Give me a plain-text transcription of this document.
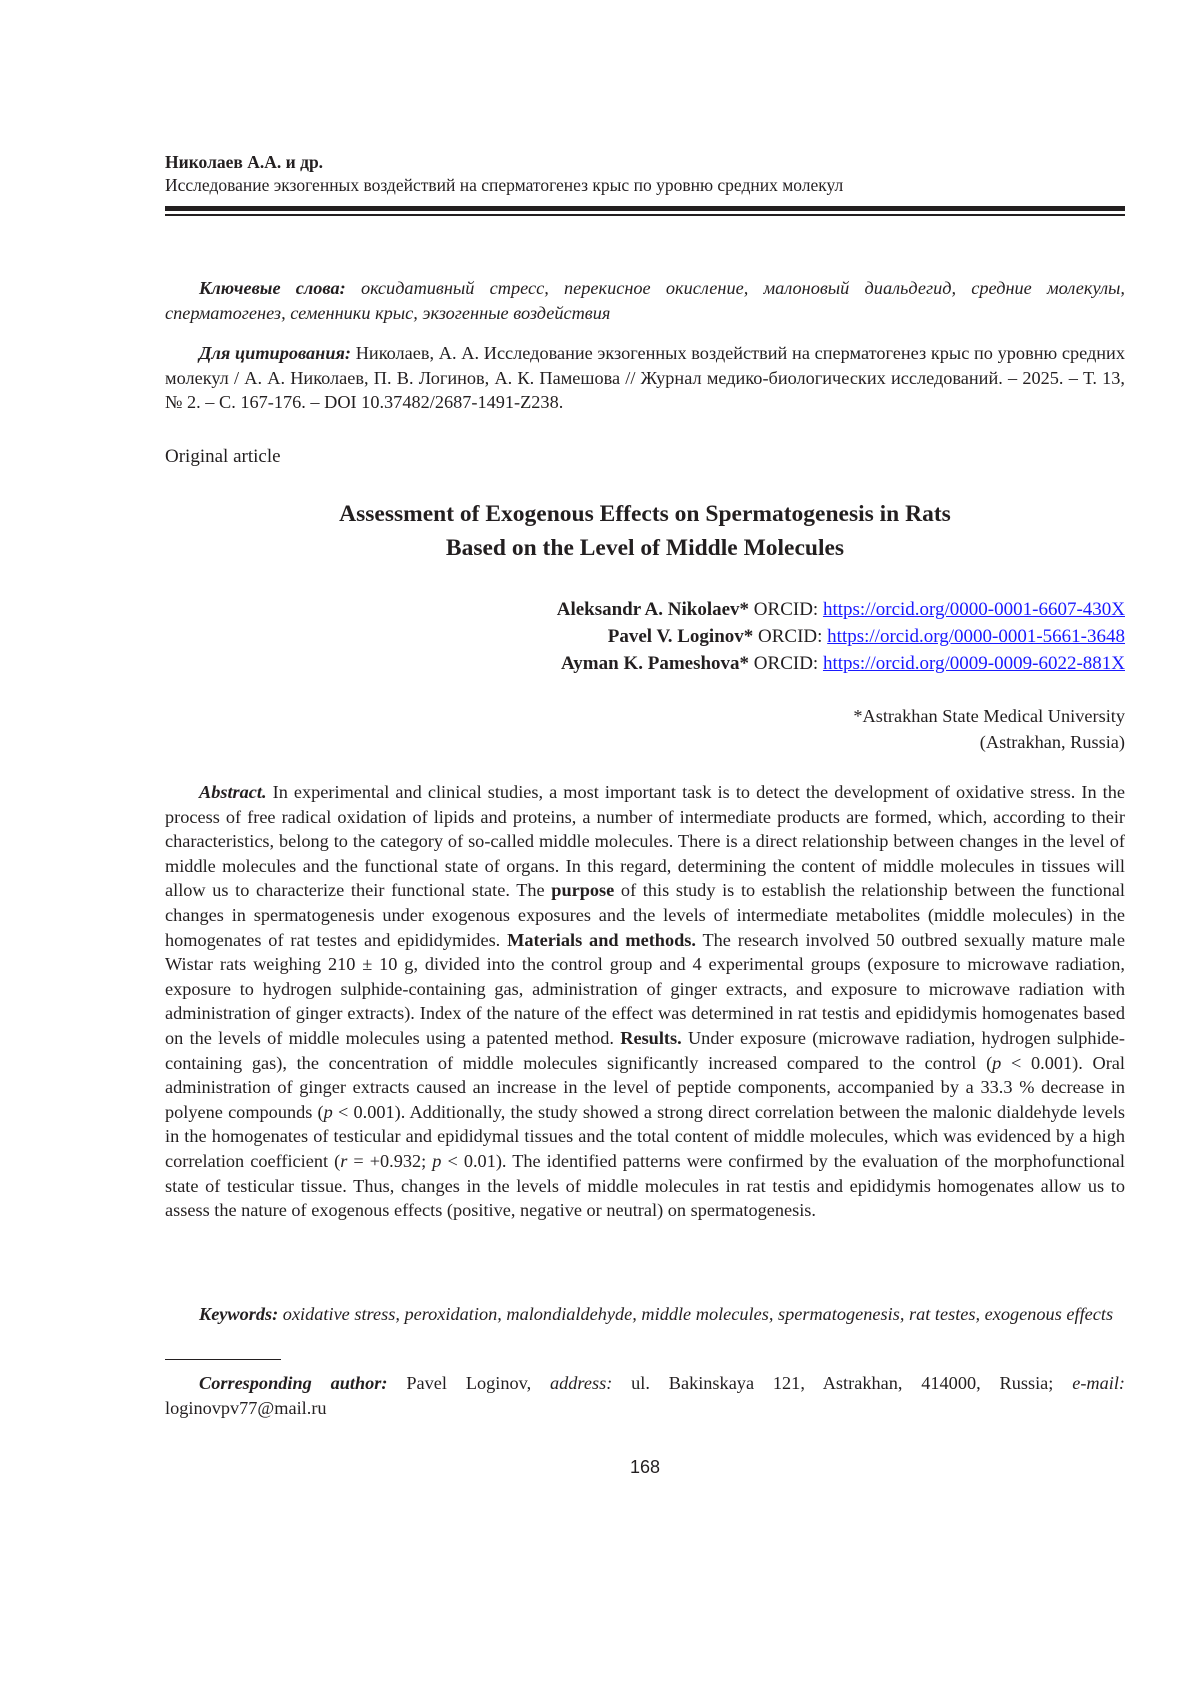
Николаев А.А. и др.
Исследование экзогенных воздействий на сперматогенез крыс по уровню средних молекул

Ключевые слова: оксидативный стресс, перекисное окисление, малоновый диальдегид, средние молекулы, сперматогенез, семенники крыс, экзогенные воздействия

Для цитирования: Николаев, А. А. Исследование экзогенных воздействий на сперматогенез крыс по уровню средних молекул / А. А. Николаев, П. В. Логинов, А. К. Памешова // Журнал медико-биологических исследований. – 2025. – Т. 13, № 2. – С. 167-176. – DOI 10.37482/2687-1491-Z238.

Original article
Assessment of Exogenous Effects on Spermatogenesis in Rats
Based on the Level of Middle Molecules
Aleksandr A. Nikolaev* ORCID: https://orcid.org/0000-0001-6607-430X
Pavel V. Loginov* ORCID: https://orcid.org/0000-0001-5661-3648
Ayman K. Pameshova* ORCID: https://orcid.org/0009-0009-6022-881X
*Astrakhan State Medical University
(Astrakhan, Russia)

Abstract. In experimental and clinical studies, a most important task is to detect the development of oxidative stress. In the process of free radical oxidation of lipids and proteins, a number of intermediate products are formed, which, according to their characteristics, belong to the category of so-called middle molecules. There is a direct relationship between changes in the level of middle molecules and the functional state of organs. In this regard, determining the content of middle molecules in tissues will allow us to characterize their functional state. The purpose of this study is to establish the relationship between the functional changes in spermatogenesis under exogenous exposures and the levels of intermediate metabolites (middle molecules) in the homogenates of rat testes and epididymides. Materials and methods. The research involved 50 outbred sexually mature male Wistar rats weighing 210 ± 10 g, divided into the control group and 4 experimental groups (exposure to microwave radiation, exposure to hydrogen sulphide-containing gas, administration of ginger extracts, and exposure to microwave radiation with administration of ginger extracts). Index of the nature of the effect was determined in rat testis and epididymis homogenates based on the levels of middle molecules using a patented method. Results. Under exposure (microwave radiation, hydrogen sulphide-containing gas), the concentration of middle molecules significantly increased compared to the control (p < 0.001). Oral administration of ginger extracts caused an increase in the level of peptide components, accompanied by a 33.3 % decrease in polyene compounds (p < 0.001). Additionally, the study showed a strong direct correlation between the malonic dialdehyde levels in the homogenates of testicular and epididymal tissues and the total content of middle molecules, which was evidenced by a high correlation coefficient (r = +0.932; p < 0.01). The identified patterns were confirmed by the evaluation of the morphofunctional state of testicular tissue. Thus, changes in the levels of middle molecules in rat testis and epididymis homogenates allow us to assess the nature of exogenous effects (positive, negative or neutral) on spermatogenesis.

Keywords: oxidative stress, peroxidation, malondialdehyde, middle molecules, spermatogenesis, rat testes, exogenous effects

Corresponding author: Pavel Loginov, address: ul. Bakinskaya 121, Astrakhan, 414000, Russia; e-mail: loginovpv77@mail.ru

168
